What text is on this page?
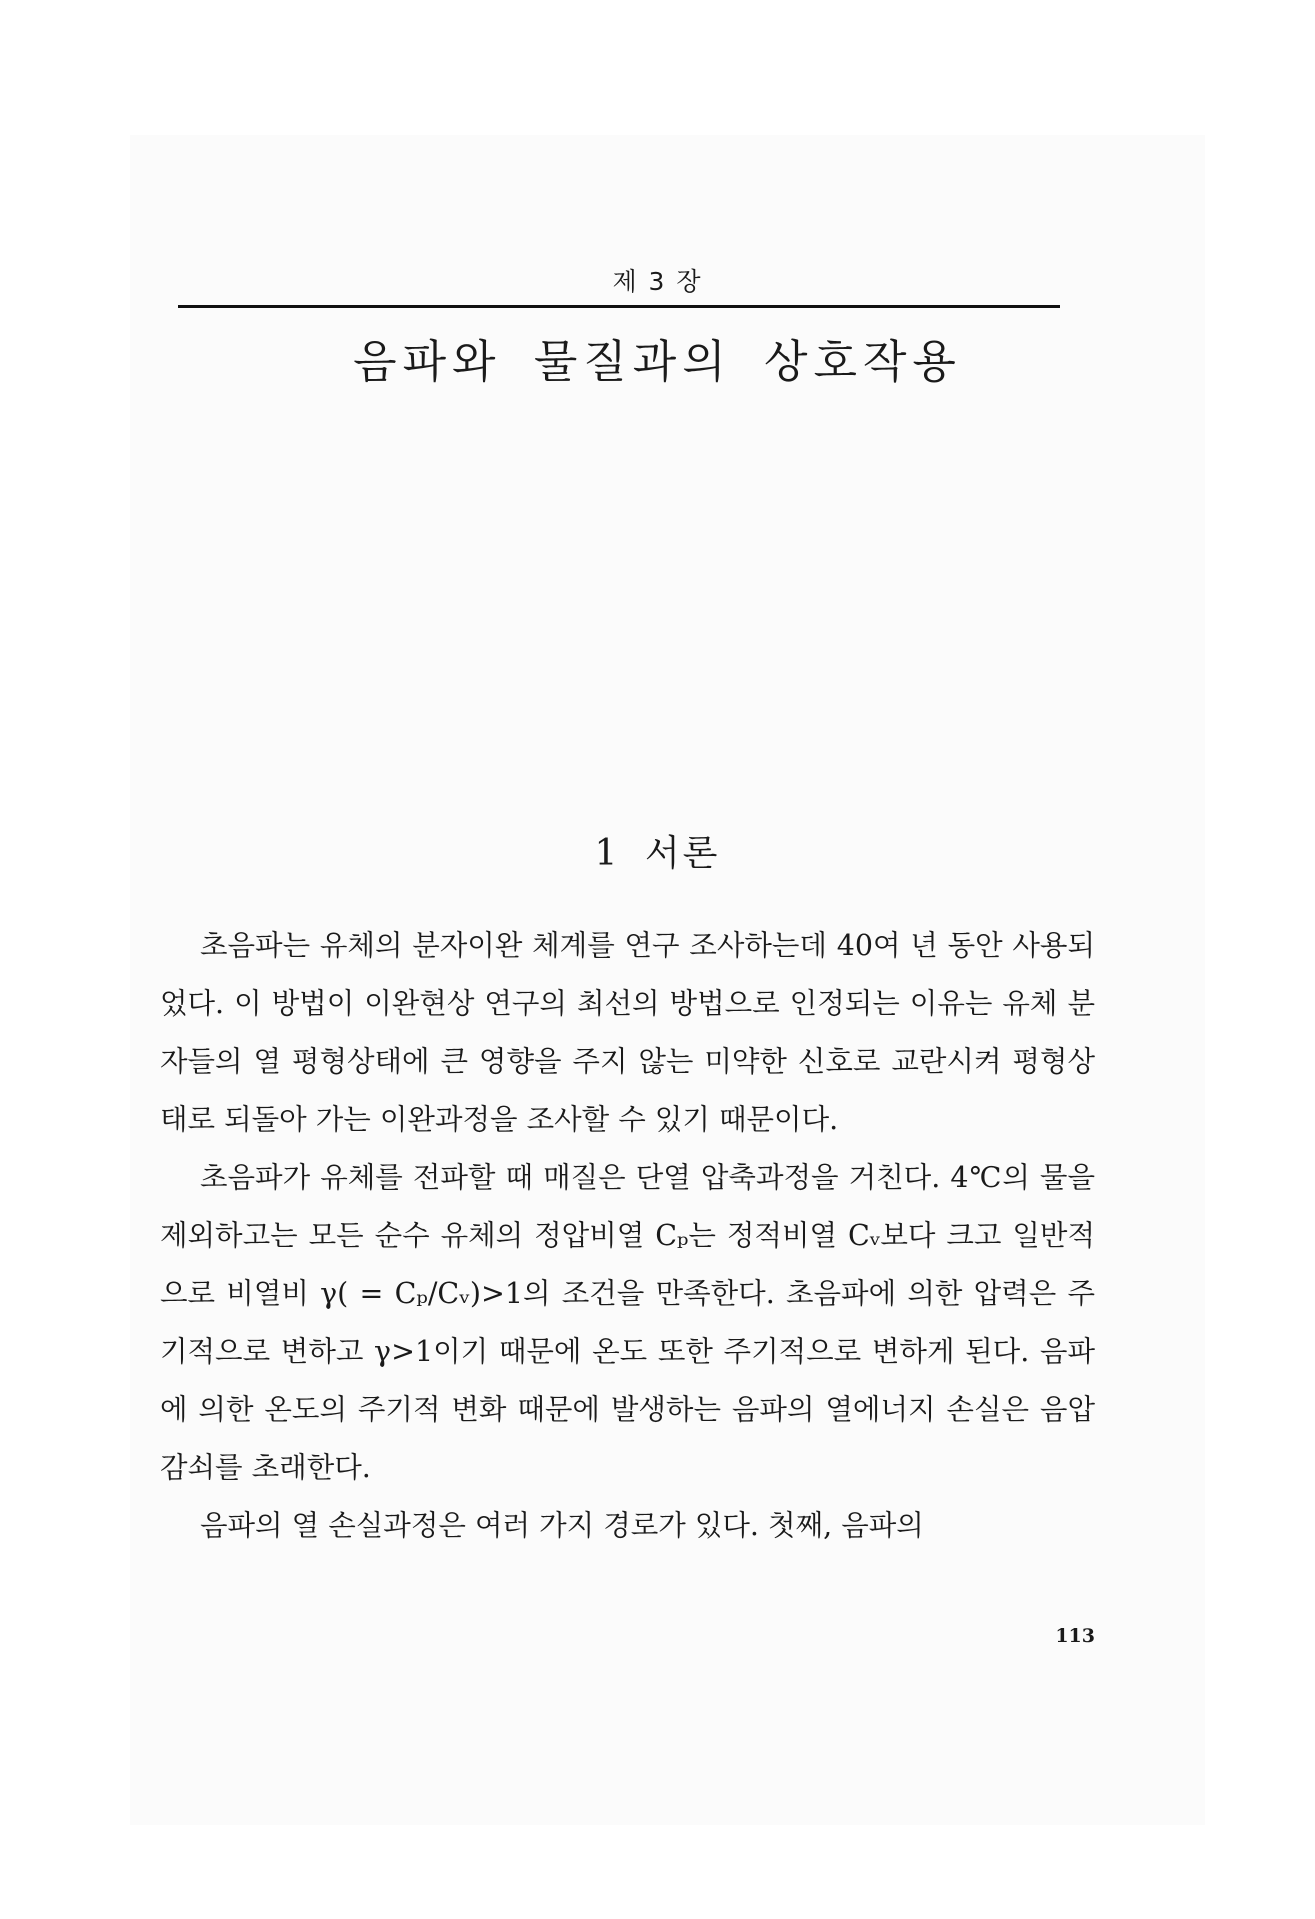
제 3 장
음파와 물질과의 상호작용
1 서론

초음파는 유체의 분자이완 체계를 연구 조사하는데 40여 년 동안 사용되었다. 이 방법이 이완현상 연구의 최선의 방법으로 인정되는 이유는 유체 분자들의 열 평형상태에 큰 영향을 주지 않는 미약한 신호로 교란시켜 평형상태로 되돌아 가는 이완과정을 조사할 수 있기 때문이다.

초음파가 유체를 전파할 때 매질은 단열 압축과정을 거친다. 4℃의 물을 제외하고는 모든 순수 유체의 정압비열 Cₚ는 정적비열 Cᵥ보다 크고 일반적으로 비열비 γ( = Cₚ/Cᵥ)>1의 조건을 만족한다. 초음파에 의한 압력은 주기적으로 변하고 γ>1이기 때문에 온도 또한 주기적으로 변하게 된다. 음파에 의한 온도의 주기적 변화 때문에 발생하는 음파의 열에너지 손실은 음압 감쇠를 초래한다.

음파의 열 손실과정은 여러 가지 경로가 있다. 첫째, 음파의

113
